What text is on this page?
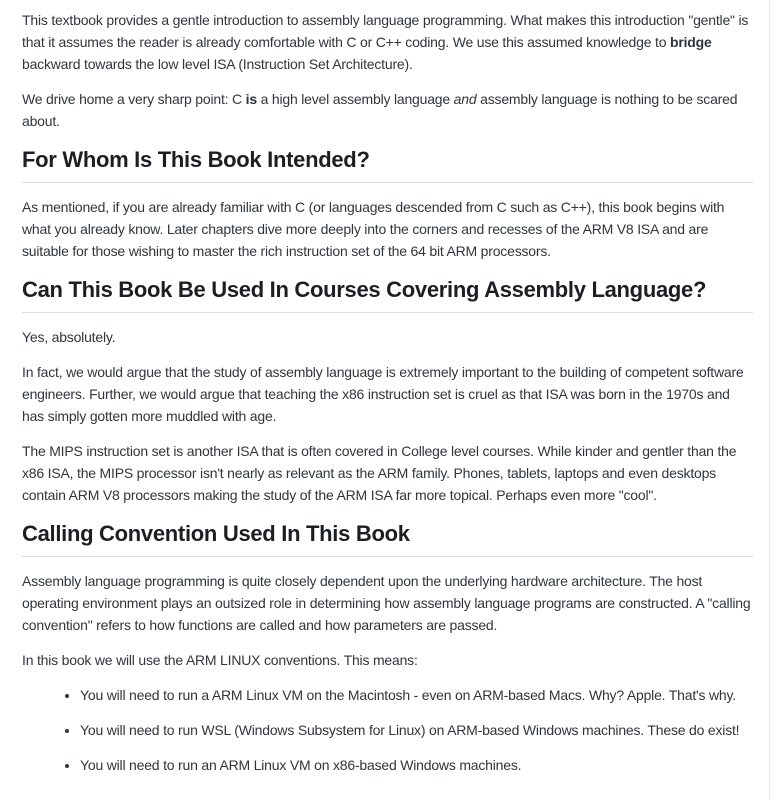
This textbook provides a gentle introduction to assembly language programming. What makes this introduction "gentle" is that it assumes the reader is already comfortable with C or C++ coding. We use this assumed knowledge to bridge backward towards the low level ISA (Instruction Set Architecture).

We drive home a very sharp point: C is a high level assembly language and assembly language is nothing to be scared about.

For Whom Is This Book Intended?

As mentioned, if you are already familiar with C (or languages descended from C such as C++), this book begins with what you already know. Later chapters dive more deeply into the corners and recesses of the ARM V8 ISA and are suitable for those wishing to master the rich instruction set of the 64 bit ARM processors.

Can This Book Be Used In Courses Covering Assembly Language?

Yes, absolutely.

In fact, we would argue that the study of assembly language is extremely important to the building of competent software engineers. Further, we would argue that teaching the x86 instruction set is cruel as that ISA was born in the 1970s and has simply gotten more muddled with age.

The MIPS instruction set is another ISA that is often covered in College level courses. While kinder and gentler than the x86 ISA, the MIPS processor isn't nearly as relevant as the ARM family. Phones, tablets, laptops and even desktops contain ARM V8 processors making the study of the ARM ISA far more topical. Perhaps even more "cool".

Calling Convention Used In This Book

Assembly language programming is quite closely dependent upon the underlying hardware architecture. The host operating environment plays an outsized role in determining how assembly language programs are constructed. A "calling convention" refers to how functions are called and how parameters are passed.

In this book we will use the ARM LINUX conventions. This means:

• You will need to run a ARM Linux VM on the Macintosh - even on ARM-based Macs. Why? Apple. That's why.
• You will need to run WSL (Windows Subsystem for Linux) on ARM-based Windows machines. These do exist!
• You will need to run an ARM Linux VM on x86-based Windows machines.
